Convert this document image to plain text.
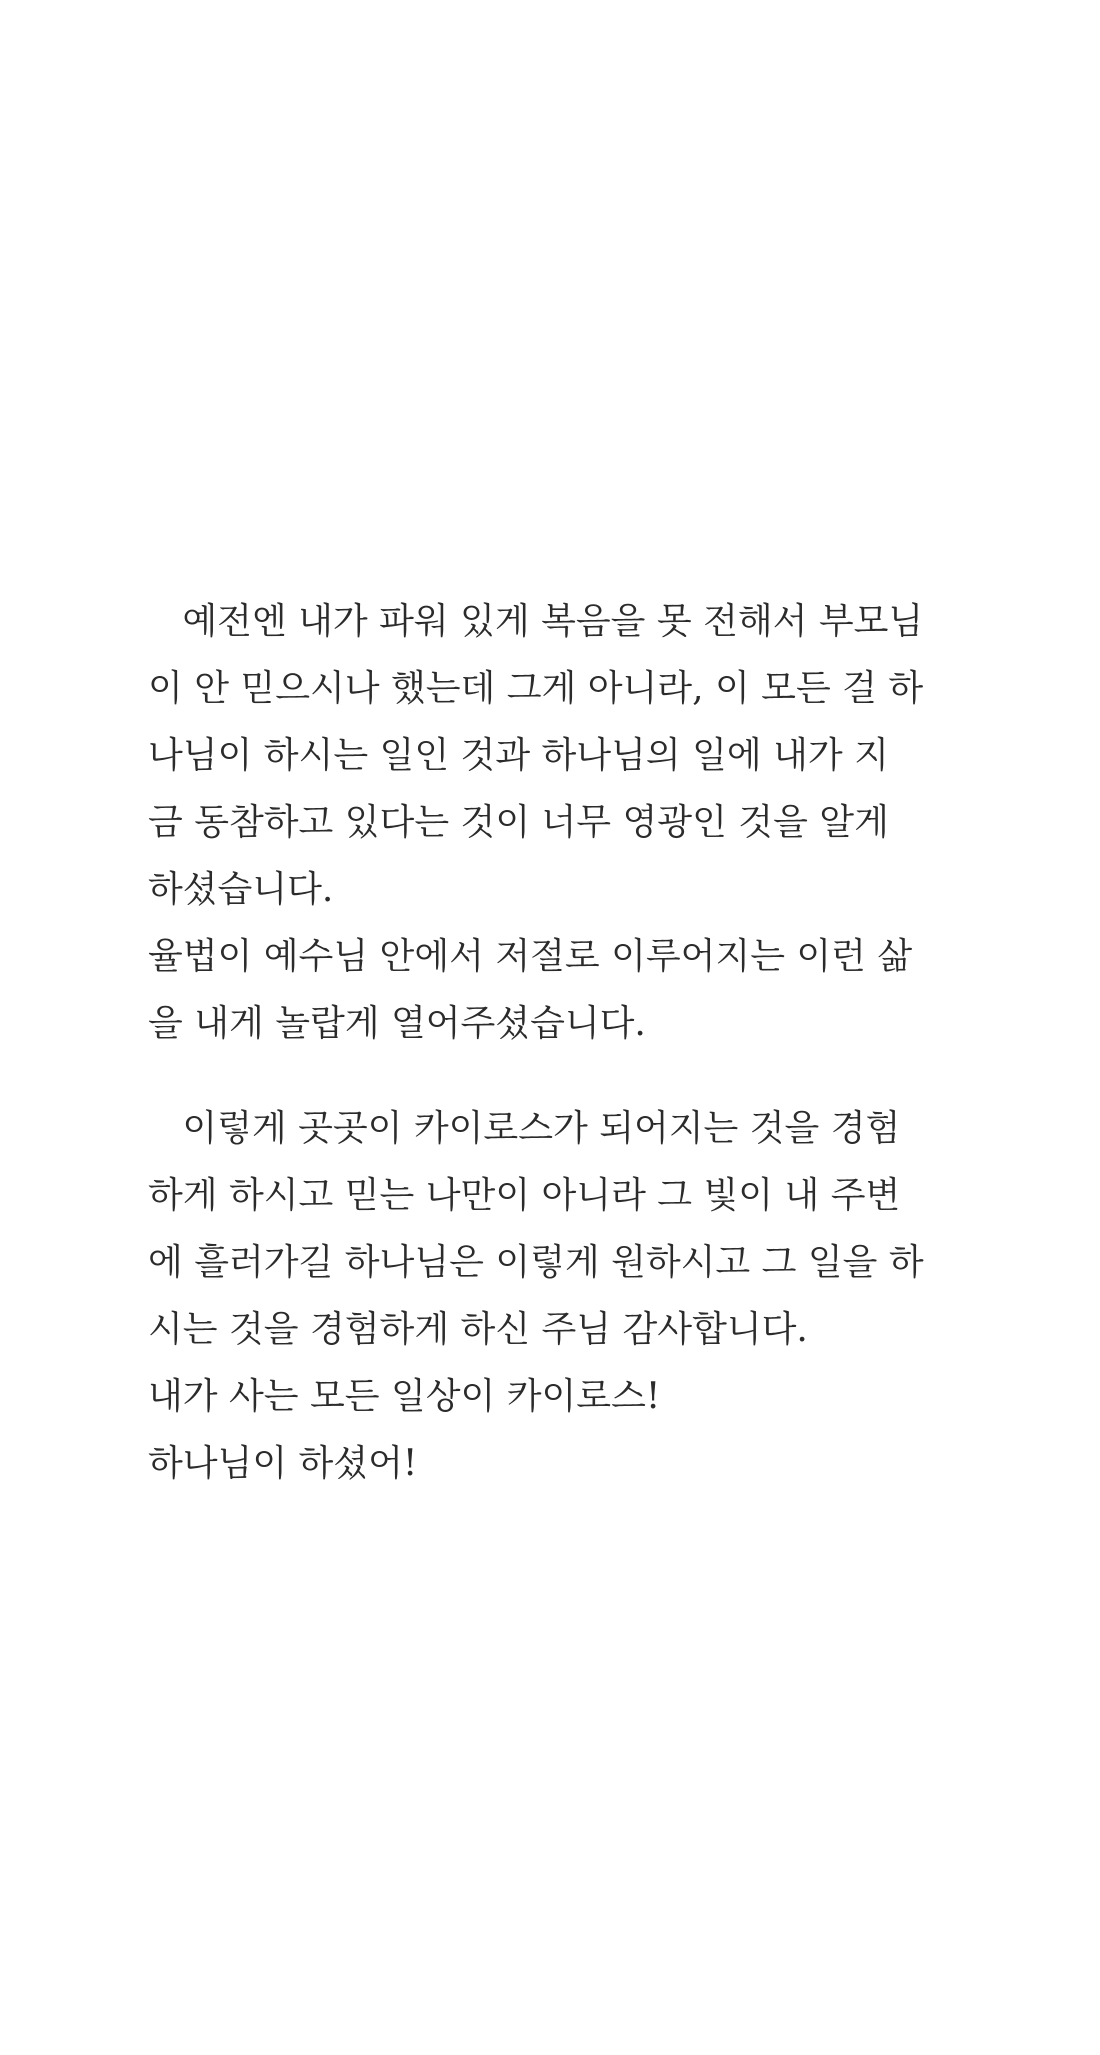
예전엔 내가 파워 있게 복음을 못 전해서 부모님
이 안 믿으시나 했는데 그게 아니라, 이 모든 걸 하
나님이 하시는 일인 것과 하나님의 일에 내가 지
금 동참하고 있다는 것이 너무 영광인 것을 알게
하셨습니다.
율법이 예수님 안에서 저절로 이루어지는 이런 삶
을 내게 놀랍게 열어주셨습니다.
이렇게 곳곳이 카이로스가 되어지는 것을 경험
하게 하시고 믿는 나만이 아니라 그 빛이 내 주변
에 흘러가길 하나님은 이렇게 원하시고 그 일을 하
시는 것을 경험하게 하신 주님 감사합니다.
내가 사는 모든 일상이 카이로스!
하나님이 하셨어!
